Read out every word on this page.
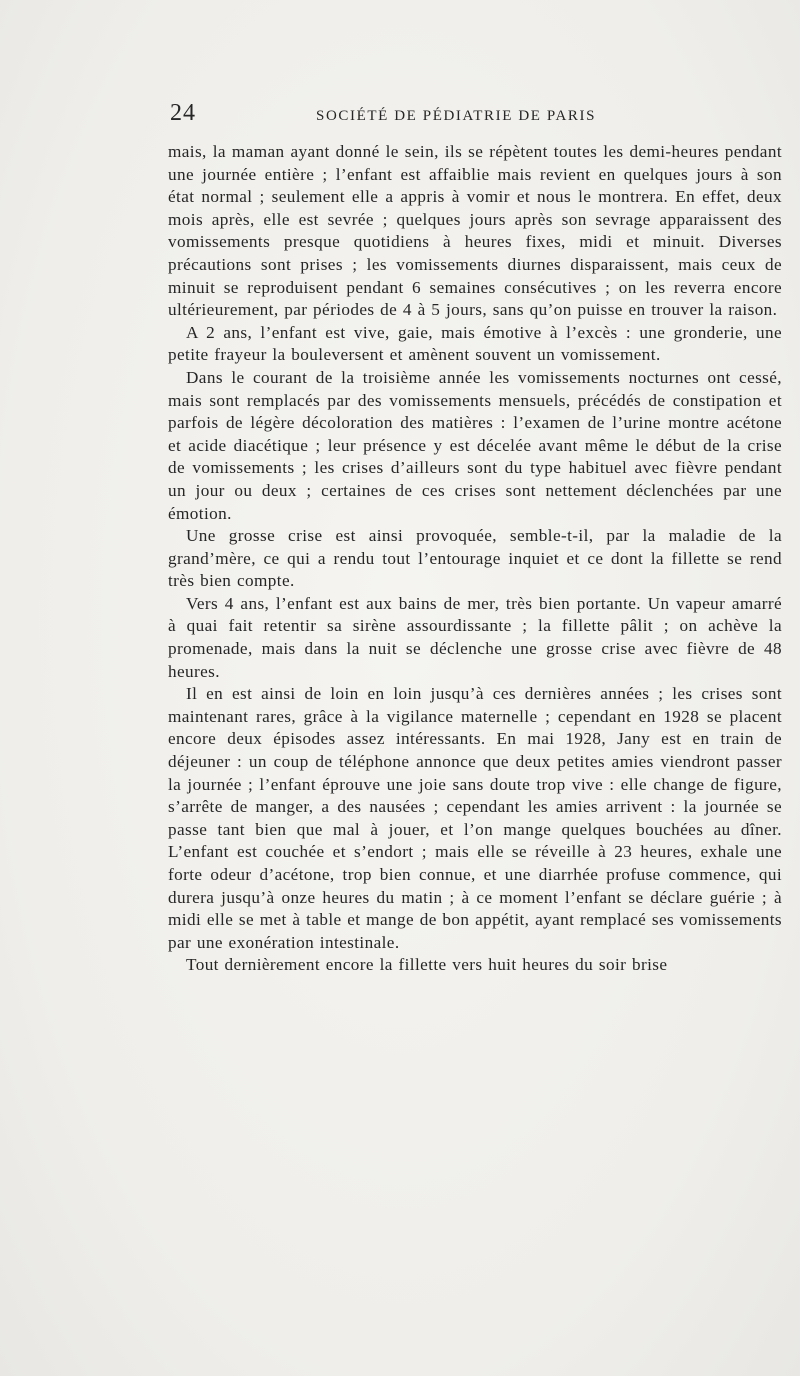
24	SOCIÉTÉ DE PÉDIATRIE DE PARIS

mais, la maman ayant donné le sein, ils se répètent toutes les demi-heures pendant une journée entière ; l’enfant est affaiblie mais revient en quelques jours à son état normal ; seulement elle a appris à vomir et nous le montrera. En effet, deux mois après, elle est sevrée ; quelques jours après son sevrage apparaissent des vomissements presque quotidiens à heures fixes, midi et minuit. Diverses précautions sont prises ; les vomissements diurnes disparaissent, mais ceux de minuit se reproduisent pendant 6 semaines consécutives ; on les reverra encore ultérieurement, par périodes de 4 à 5 jours, sans qu’on puisse en trouver la raison.

A 2 ans, l’enfant est vive, gaie, mais émotive à l’excès : une gronderie, une petite frayeur la bouleversent et amènent souvent un vomissement.

Dans le courant de la troisième année les vomissements nocturnes ont cessé, mais sont remplacés par des vomissements mensuels, précédés de constipation et parfois de légère décoloration des matières : l’examen de l’urine montre acétone et acide diacétique ; leur présence y est décelée avant même le début de la crise de vomissements ; les crises d’ailleurs sont du type habituel avec fièvre pendant un jour ou deux ; certaines de ces crises sont nettement déclenchées par une émotion.

Une grosse crise est ainsi provoquée, semble-t-il, par la maladie de la grand’mère, ce qui a rendu tout l’entourage inquiet et ce dont la fillette se rend très bien compte.

Vers 4 ans, l’enfant est aux bains de mer, très bien portante. Un vapeur amarré à quai fait retentir sa sirène assourdissante ; la fillette pâlit ; on achève la promenade, mais dans la nuit se déclenche une grosse crise avec fièvre de 48 heures.

Il en est ainsi de loin en loin jusqu’à ces dernières années ; les crises sont maintenant rares, grâce à la vigilance maternelle ; cependant en 1928 se placent encore deux épisodes assez intéressants. En mai 1928, Jany est en train de déjeuner : un coup de téléphone annonce que deux petites amies viendront passer la journée ; l’enfant éprouve une joie sans doute trop vive : elle change de figure, s’arrête de manger, a des nausées ; cependant les amies arrivent : la journée se passe tant bien que mal à jouer, et l’on mange quelques bouchées au dîner. L’enfant est couchée et s’endort ; mais elle se réveille à 23 heures, exhale une forte odeur d’acétone, trop bien connue, et une diarrhée profuse commence, qui durera jusqu’à onze heures du matin ; à ce moment l’enfant se déclare guérie ; à midi elle se met à table et mange de bon appétit, ayant remplacé ses vomissements par une exonération intestinale.

Tout dernièrement encore la fillette vers huit heures du soir brise
